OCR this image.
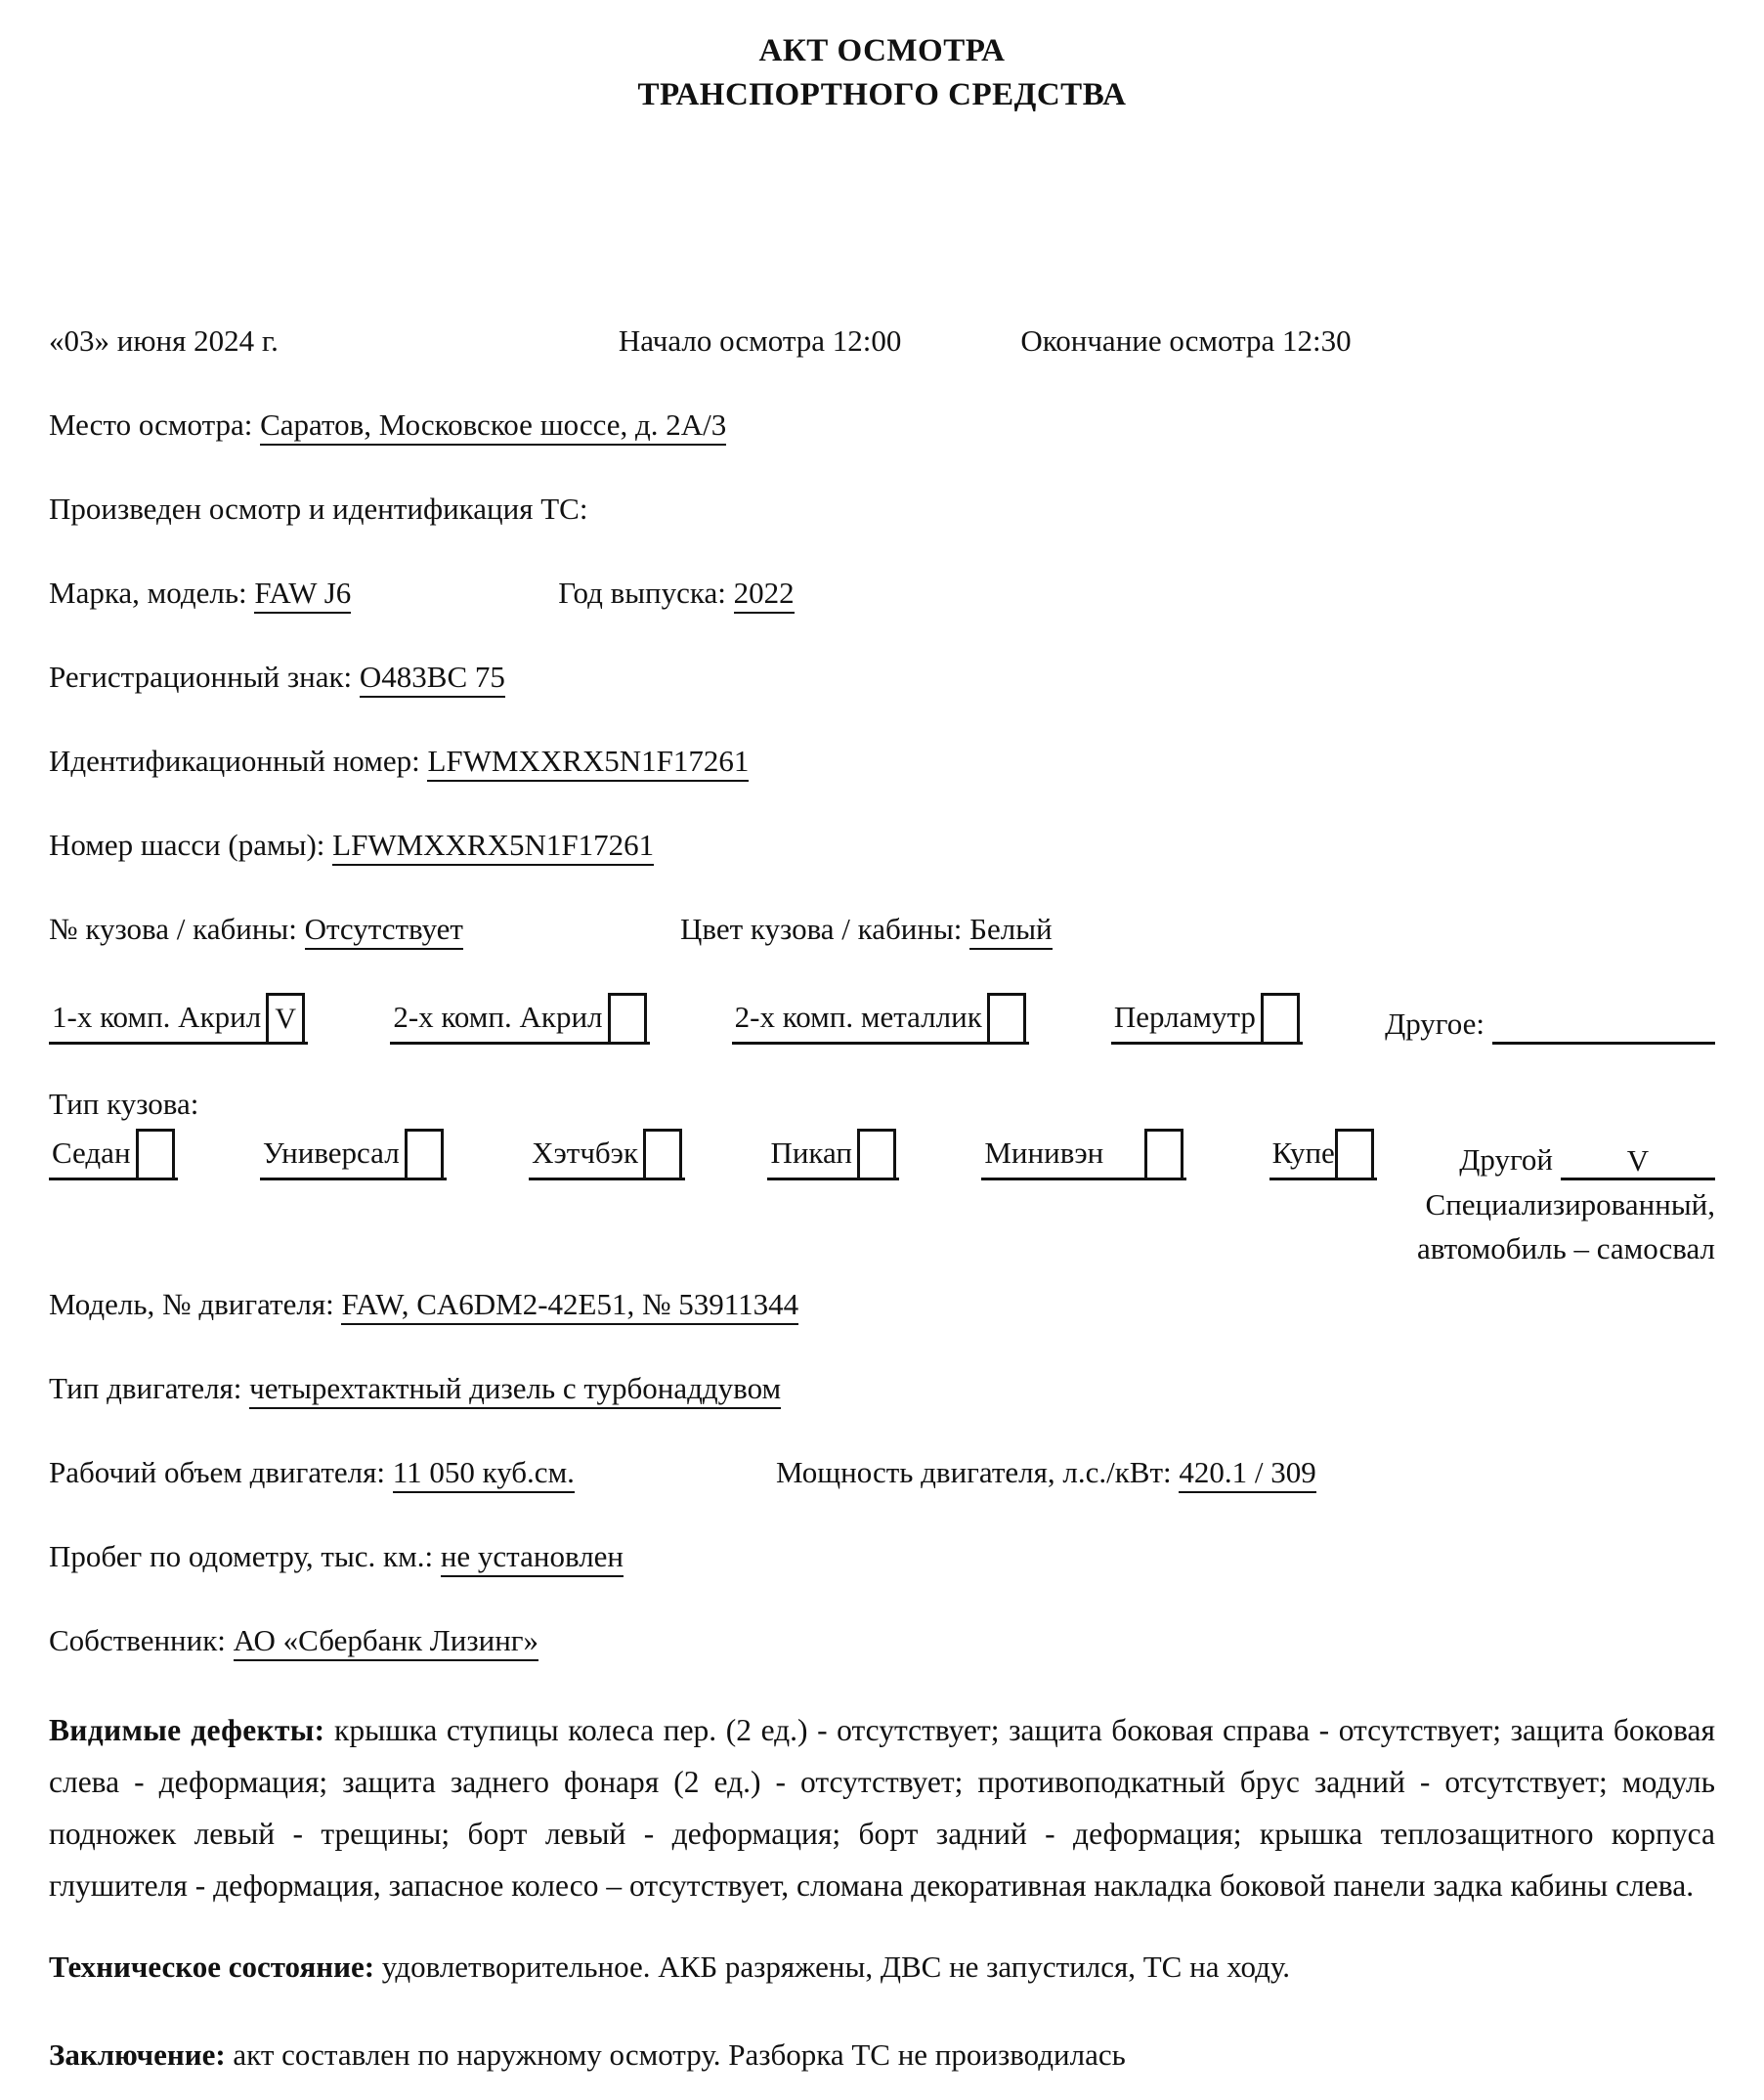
АКТ ОСМОТРА
ТРАНСПОРТНОГО СРЕДСТВА

«03» июня 2024 г.	Начало осмотра 12:00	Окончание осмотра 12:30

Место осмотра: Саратов, Московское шоссе, д. 2А/3

Произведен осмотр и идентификация ТС:

Марка, модель: FAW J6	Год выпуска: 2022

Регистрационный знак: О483ВС 75

Идентификационный номер: LFWMXXRX5N1F17261

Номер шасси (рамы): LFWMXXRX5N1F17261

№ кузова / кабины: Отсутствует	Цвет кузова / кабины: Белый

1-х комп. Акрил V	2-х комп. Акрил	2-х комп. металлик	Перламутр	Другое:

Тип кузова:

Седан	Универсал	Хэтчбэк	Пикап	Минивэн	Купе	Другой	V
Специализированный,
автомобиль – самосвал

Модель, № двигателя: FAW, CA6DM2-42E51, № 53911344

Тип двигателя: четырехтактный дизель с турбонаддувом

Рабочий объем двигателя: 11 050 куб.см.	Мощность двигателя, л.с./кВт: 420.1 / 309

Пробег по одометру, тыс. км.: не установлен

Собственник: АО «Сбербанк Лизинг»

Видимые дефекты: крышка ступицы колеса пер. (2 ед.) - отсутствует; защита боковая справа - отсутствует; защита боковая слева - деформация; защита заднего фонаря (2 ед.) - отсутствует; противоподкатный брус задний - отсутствует; модуль подножек левый - трещины; борт левый - деформация; борт задний - деформация; крышка теплозащитного корпуса глушителя - деформация, запасное колесо – отсутствует, сломана декоративная накладка боковой панели задка кабины слева.

Техническое состояние: удовлетворительное. АКБ разряжены, ДВС не запустился, ТС на ходу.

Заключение: акт составлен по наружному осмотру. Разборка ТС не производилась
